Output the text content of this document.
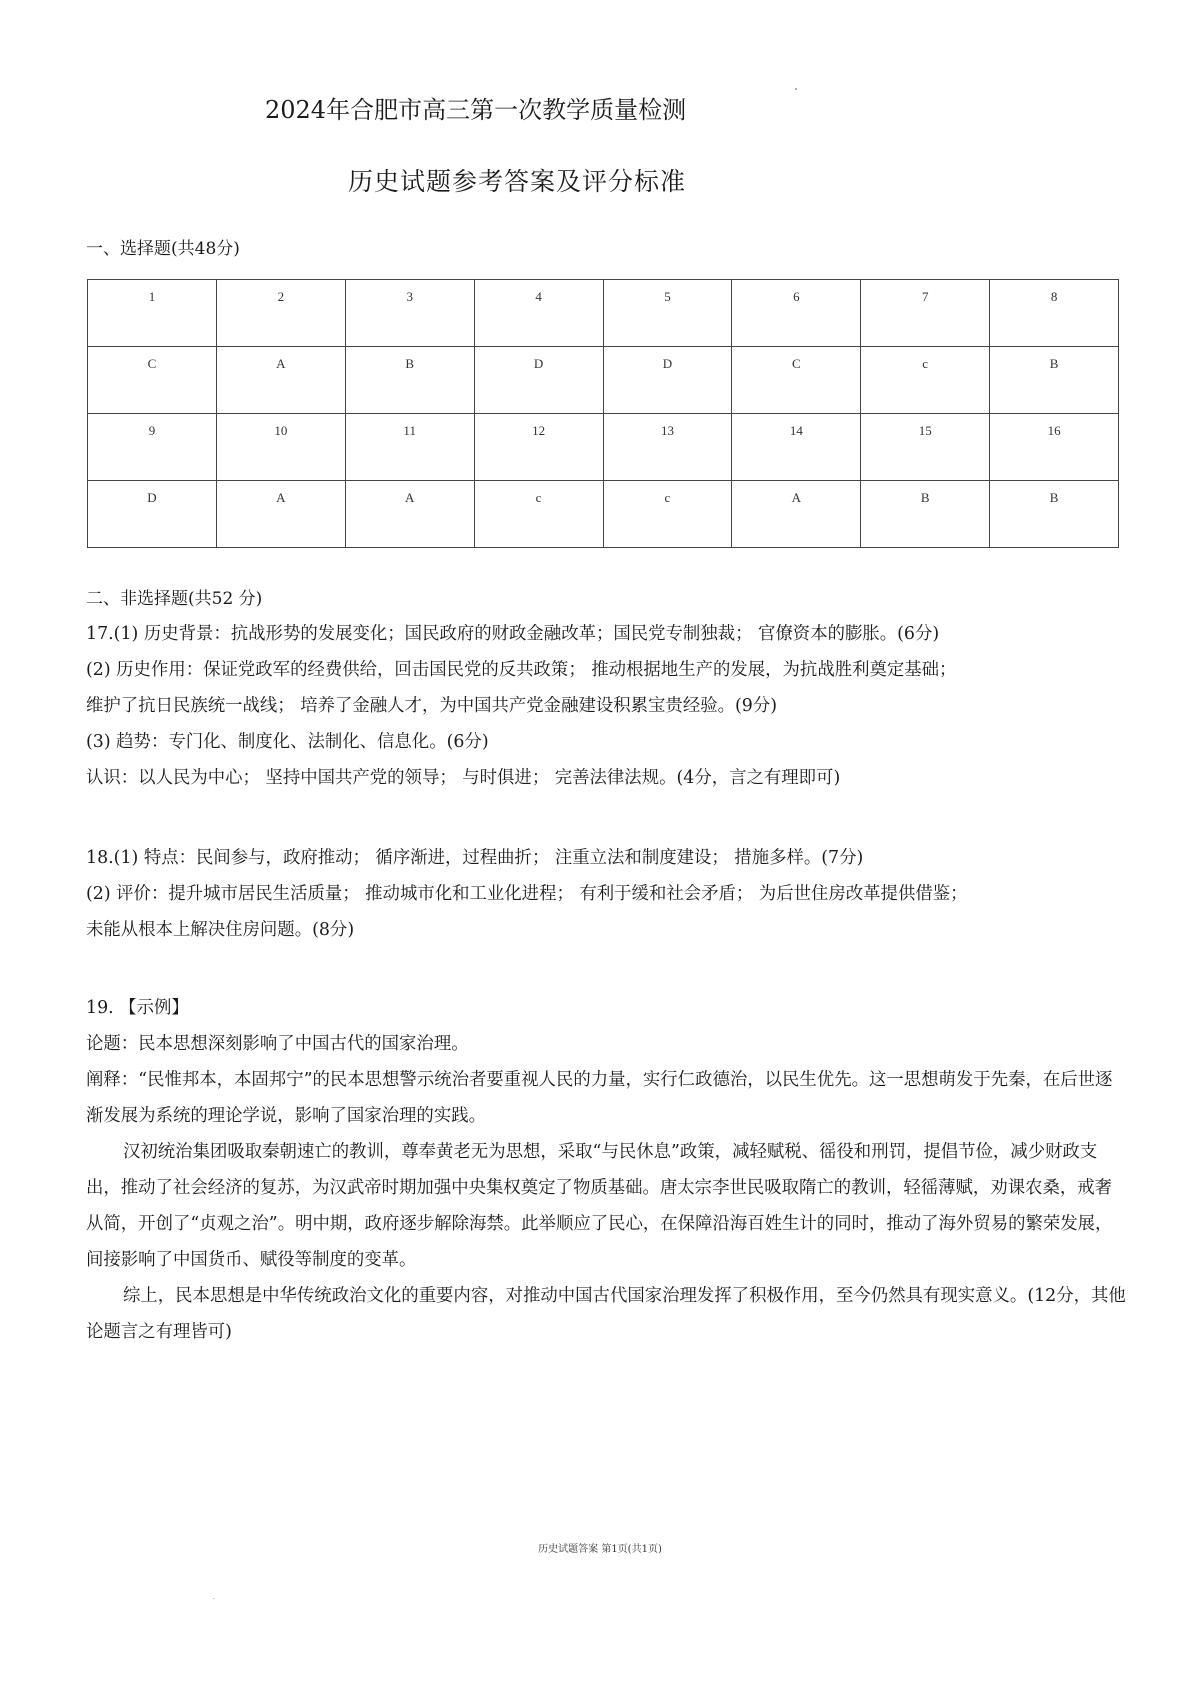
2024年合肥市高三第一次教学质量检测
历史试题参考答案及评分标准
一、选择题(共48分)
1	2	3	4	5	6	7	8
C	A	B	D	D	C	c	B
9	10	11	12	13	14	15	16
D	A	A	c	c	A	B	B
二、非选择题(共52 分)
17.(1) 历史背景：抗战形势的发展变化；国民政府的财政金融改革；国民党专制独裁； 官僚资本的膨胀。(6分)
(2) 历史作用：保证党政军的经费供给，回击国民党的反共政策； 推动根据地生产的发展，为抗战胜利奠定基础；
维护了抗日民族统一战线； 培养了金融人才，为中国共产党金融建设积累宝贵经验。(9分)
(3) 趋势：专门化、制度化、法制化、信息化。(6分)
认识：以人民为中心； 坚持中国共产党的领导； 与时俱进； 完善法律法规。(4分，言之有理即可)
18.(1) 特点：民间参与，政府推动； 循序渐进，过程曲折； 注重立法和制度建设； 措施多样。(7分)
(2) 评价：提升城市居民生活质量； 推动城市化和工业化进程； 有利于缓和社会矛盾； 为后世住房改革提供借鉴；
未能从根本上解决住房问题。(8分)
19. 【示例】
论题：民本思想深刻影响了中国古代的国家治理。
阐释：“民惟邦本，本固邦宁”的民本思想警示统治者要重视人民的力量，实行仁政德治，以民生优先。这一思想萌发于先秦，在后世逐渐发展为系统的理论学说，影响了国家治理的实践。
汉初统治集团吸取秦朝速亡的教训，尊奉黄老无为思想，采取“与民休息”政策，减轻赋税、徭役和刑罚，提倡节俭，减少财政支出，推动了社会经济的复苏，为汉武帝时期加强中央集权奠定了物质基础。唐太宗李世民吸取隋亡的教训，轻徭薄赋，劝课农桑，戒奢从简，开创了“贞观之治”。明中期，政府逐步解除海禁。此举顺应了民心，在保障沿海百姓生计的同时，推动了海外贸易的繁荣发展，间接影响了中国货币、赋役等制度的变革。
综上，民本思想是中华传统政治文化的重要内容，对推动中国古代国家治理发挥了积极作用，至今仍然具有现实意义。(12分，其他论题言之有理皆可)
历史试题答案 第1页(共1页)
